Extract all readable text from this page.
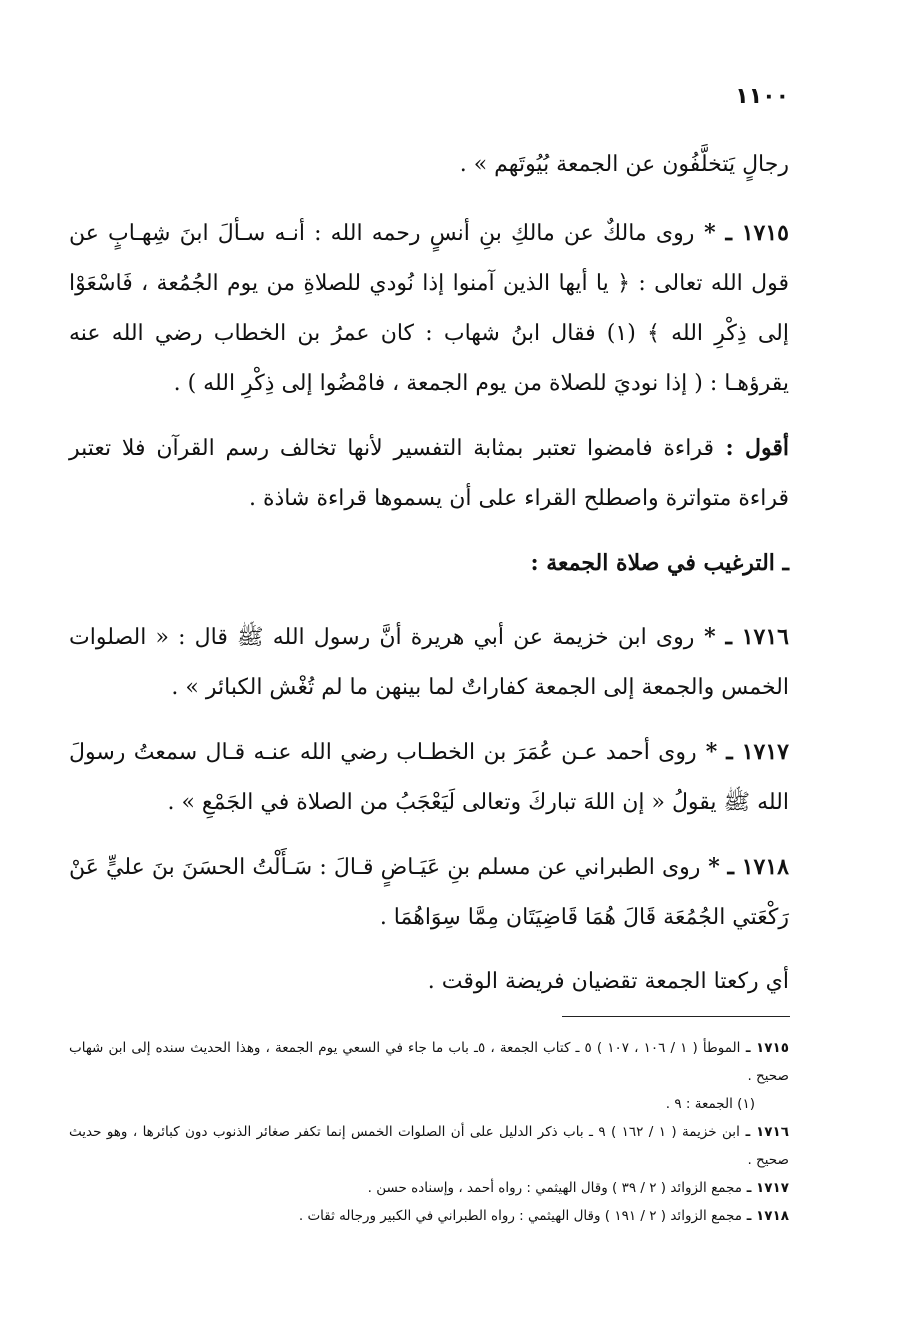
١١٠٠

رجالٍ يَتخلَّفُون عن الجمعة بُيُوتَهم » .

١٧١٥ ـ * روى مالكٌ عن مالكِ بنِ أنسٍ رحمه الله : أنـه سـألَ ابنَ شِهـابٍ عن قول الله تعالى : ﴿ يا أيها الذين آمنوا إذا نُودي للصلاةِ من يوم الجُمُعة ، فَاسْعَوْا إلى ذِكْرِ الله ﴾ (١) فقال ابنُ شهاب : كان عمرُ بن الخطاب رضي الله عنه يقرؤهـا : ( إذا نوديَ للصلاة من يوم الجمعة ، فامْضُوا إلى ذِكْرِ الله ) .

أقول : قراءة فامضوا تعتبر بمثابة التفسير لأنها تخالف رسم القرآن فلا تعتبر قراءة متواترة واصطلح القراء على أن يسموها قراءة شاذة .

ـ الترغيب في صلاة الجمعة :

١٧١٦ ـ * روى ابن خزيمة عن أبي هريرة أنَّ رسول الله ﷺ قال : « الصلوات الخمس والجمعة إلى الجمعة كفاراتٌ لما بينهن ما لم تُغْش الكبائر » .

١٧١٧ ـ * روى أحمد عـن عُمَرَ بن الخطـاب رضي الله عنـه قـال سمعتُ رسولَ الله ﷺ يقولُ « إن اللهَ تباركَ وتعالى لَيَعْجَبُ من الصلاة في الجَمْعِ » .

١٧١٨ ـ * روى الطبراني عن مسلم بنِ عَيَـاضٍ قـالَ : سَـأَلْتُ الحسَنَ بنَ عليٍّ عَنْ رَكْعَتي الجُمُعَة قَالَ هُمَا قَاضِيَتَان مِمَّا سِوَاهُمَا .

أي ركعتا الجمعة تقضيان فريضة الوقت .

١٧١٥ ـ الموطأ ( ١ / ١٠٦ ، ١٠٧ ) ٥ ـ كتاب الجمعة ، ٥ـ باب ما جاء في السعي يوم الجمعة ، وهذا الحديث سنده إلى ابن شهاب صحيح .

(١) الجمعة : ٩ .

١٧١٦ ـ ابن خزيمة ( ١ / ١٦٢ ) ٩ ـ باب ذكر الدليل على أن الصلوات الخمس إنما تكفر صغائر الذنوب دون كبائرها ، وهو حديث صحيح .

١٧١٧ ـ مجمع الزوائد ( ٢ / ٣٩ ) وقال الهيثمي : رواه أحمد ، وإسناده حسن .

١٧١٨ ـ مجمع الزوائد ( ٢ / ١٩١ ) وقال الهيثمي : رواه الطبراني في الكبير ورجاله ثقات .
